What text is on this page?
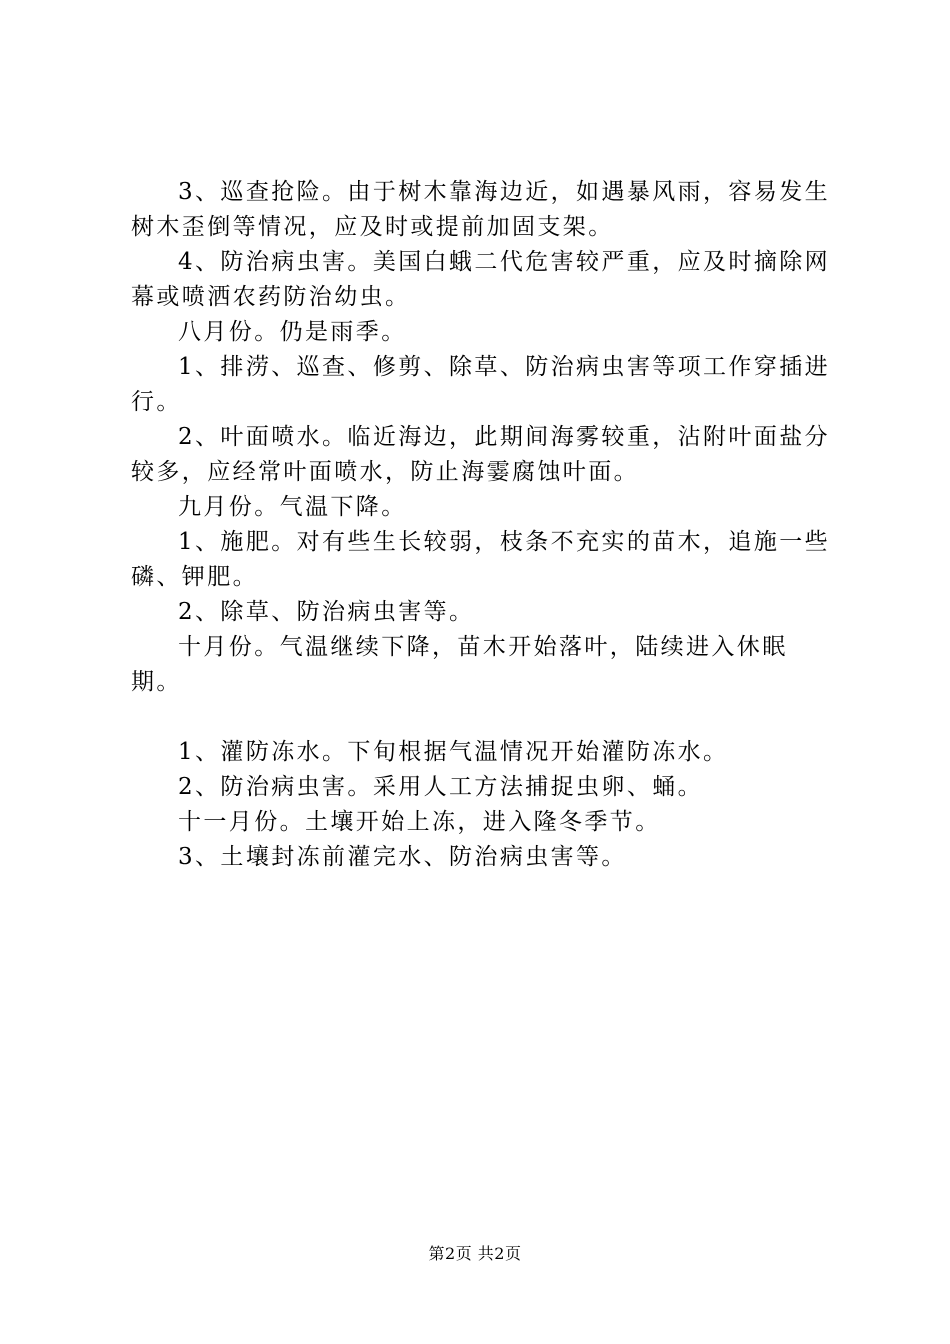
3、巡查抢险。由于树木靠海边近，如遇暴风雨，容易发生树木歪倒等情况，应及时或提前加固支架。

4、防治病虫害。美国白蛾二代危害较严重，应及时摘除网幕或喷洒农药防治幼虫。

八月份。仍是雨季。

1、排涝、巡查、修剪、除草、防治病虫害等项工作穿插进行。

2、叶面喷水。临近海边，此期间海雾较重，沾附叶面盐分较多，应经常叶面喷水，防止海霎腐蚀叶面。

九月份。气温下降。

1、施肥。对有些生长较弱，枝条不充实的苗木，追施一些磷、钾肥。

2、除草、防治病虫害等。

十月份。气温继续下降，苗木开始落叶，陆续进入休眠期。

1、灌防冻水。下旬根据气温情况开始灌防冻水。

2、防治病虫害。采用人工方法捕捉虫卵、蛹。

十一月份。土壤开始上冻，进入隆冬季节。

3、土壤封冻前灌完水、防治病虫害等。

第2页 共2页
